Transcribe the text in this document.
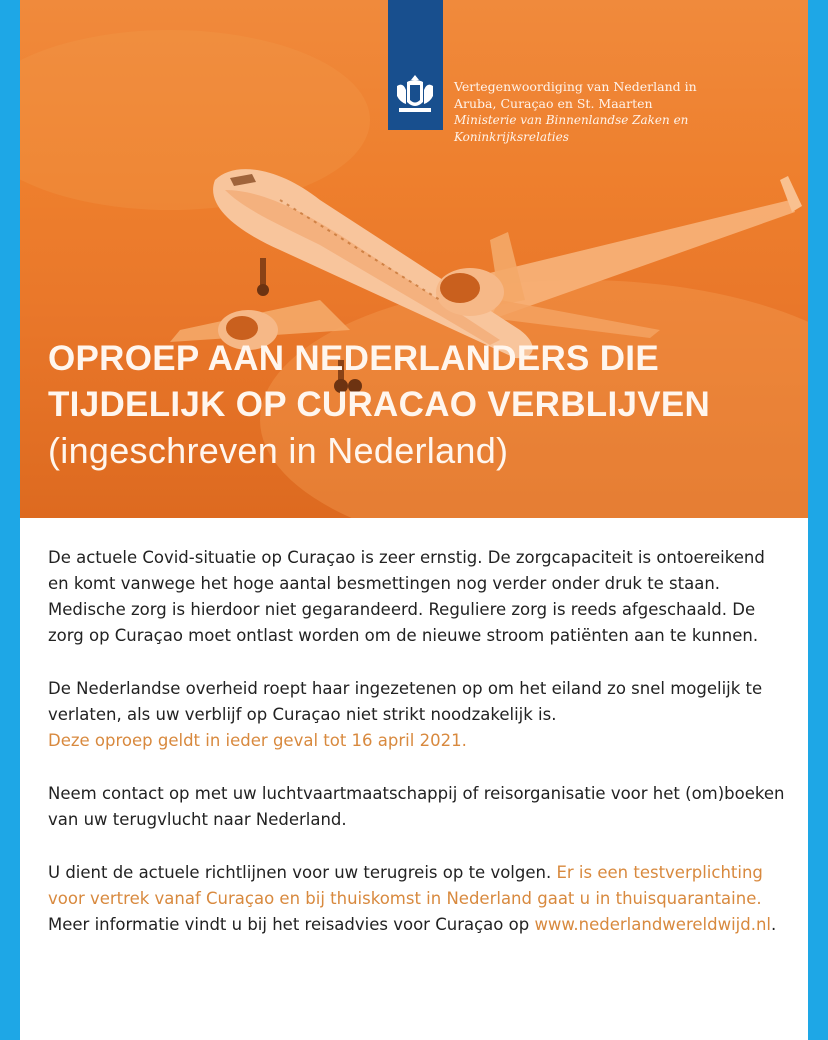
Vertegenwoordiging van Nederland in
Aruba, Curaçao en St. Maarten
Ministerie van Binnenlandse Zaken en
Koninkrijksrelaties
OPROEP AAN NEDERLANDERS DIE
TIJDELIJK OP CURACAO VERBLIJVEN
(ingeschreven in Nederland)

De actuele Covid-situatie op Curaçao is zeer ernstig. De zorgcapaciteit is ontoereikend en komt vanwege het hoge aantal besmettingen nog verder onder druk te staan. Medische zorg is hierdoor niet gegarandeerd. Reguliere zorg is reeds afgeschaald. De zorg op Curaçao moet ontlast worden om de nieuwe stroom patiënten aan te kunnen.

De Nederlandse overheid roept haar ingezetenen op om het eiland zo snel mogelijk te verlaten, als uw verblijf op Curaçao niet strikt noodzakelijk is.
Deze oproep geldt in ieder geval tot 16 april 2021.

Neem contact op met uw luchtvaartmaatschappij of reisorganisatie voor het (om)boeken van uw terugvlucht naar Nederland.

U dient de actuele richtlijnen voor uw terugreis op te volgen. Er is een testverplichting voor vertrek vanaf Curaçao en bij thuiskomst in Nederland gaat u in thuisquarantaine. Meer informatie vindt u bij het reisadvies voor Curaçao op www.nederlandwereldwijd.nl.
